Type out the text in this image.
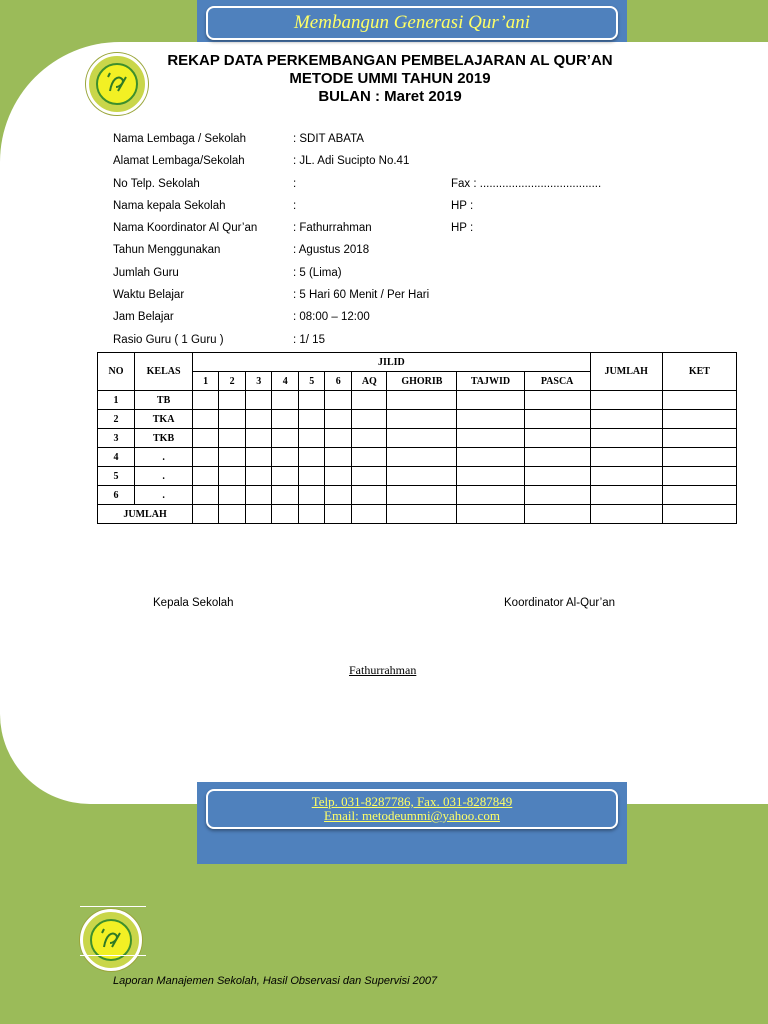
Membangun Generasi Qur’ani
REKAP DATA PERKEMBANGAN PEMBELAJARAN AL QUR’AN
METODE UMMI TAHUN 2019
BULAN : Maret 2019
Nama Lembaga / Sekolah	: SDIT ABATA
Alamat Lembaga/Sekolah	: JL. Adi Sucipto No.41
No Telp. Sekolah	:	Fax : ......................................
Nama kepala Sekolah	:	HP :
Nama Koordinator Al Qur’an	: Fathurrahman	HP :
Tahun Menggunakan	: Agustus 2018
Jumlah Guru	: 5 (Lima)
Waktu Belajar	: 5 Hari 60 Menit / Per Hari
Jam Belajar	: 08:00 – 12:00
Rasio Guru ( 1 Guru )	: 1/ 15
NO	KELAS	JILID										JUMLAH	KET
		1	2	3	4	5	6	AQ	GHORIB	TAJWID	PASCA		
1	TB												
2	TKA												
3	TKB												
4	.												
5	.												
6	.												
JUMLAH													
Kepala Sekolah	Koordinator Al-Qur’an
Fathurrahman
Telp. 031-8287786, Fax. 031-8287849
Email: metodeummi@yahoo.com
Laporan Manajemen Sekolah, Hasil Observasi dan Supervisi 2007
